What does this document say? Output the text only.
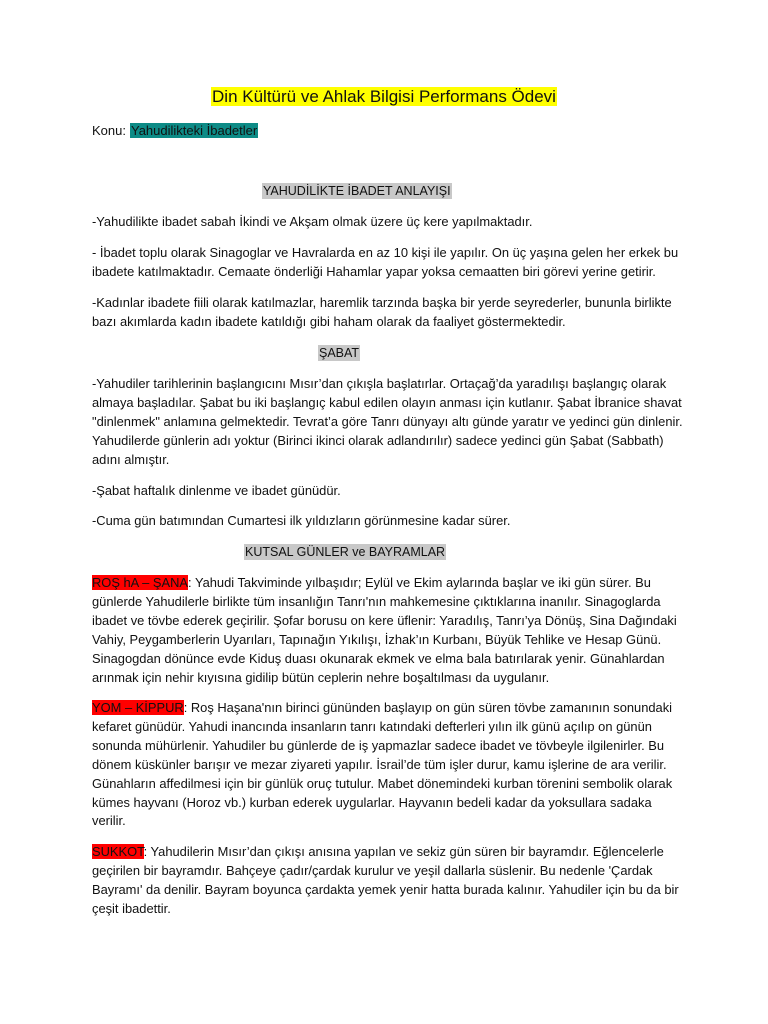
Din Kültürü ve Ahlak Bilgisi Performans Ödevi
Konu: Yahudilikteki İbadetler
YAHUDİLİKTE İBADET ANLAYIŞI

-Yahudilikte ibadet sabah İkindi ve Akşam olmak üzere üç kere yapılmaktadır.

- İbadet toplu olarak Sinagoglar ve Havralarda en az 10 kişi ile yapılır. On üç yaşına gelen her erkek bu ibadete katılmaktadır. Cemaate önderliği Hahamlar yapar yoksa cemaatten biri görevi yerine getirir.

-Kadınlar ibadete fiili olarak katılmazlar, haremlik tarzında başka bir yerde seyrederler, bununla birlikte bazı akımlarda kadın ibadete katıldığı gibi haham olarak da faaliyet göstermektedir.

ŞABAT

-Yahudiler tarihlerinin başlangıcını Mısır’dan çıkışla başlatırlar. Ortaçağ’da yaradılışı başlangıç olarak almaya başladılar. Şabat bu iki başlangıç kabul edilen olayın anması için kutlanır. Şabat İbranice shavat "dinlenmek" anlamına gelmektedir. Tevrat’a göre Tanrı dünyayı altı günde yaratır ve yedinci gün dinlenir. Yahudilerde günlerin adı yoktur (Birinci ikinci olarak adlandırılır) sadece yedinci gün Şabat (Sabbath) adını almıştır.

-Şabat haftalık dinlenme ve ibadet günüdür.

-Cuma gün batımından Cumartesi ilk yıldızların görünmesine kadar sürer.

KUTSAL GÜNLER ve BAYRAMLAR

ROŞ hA – ŞANA: Yahudi Takviminde yılbaşıdır; Eylül ve Ekim aylarında başlar ve iki gün sürer. Bu günlerde Yahudilerle birlikte tüm insanlığın Tanrı'nın mahkemesine çıktıklarına inanılır. Sinagoglarda ibadet ve tövbe ederek geçirilir. Şofar borusu on kere üflenir: Yaradılış, Tanrı’ya Dönüş, Sina Dağındaki Vahiy, Peygamberlerin Uyarıları, Tapınağın Yıkılışı, İzhak’ın Kurbanı, Büyük Tehlike ve Hesap Günü. Sinagogdan dönünce evde Kiduş duası okunarak ekmek ve elma bala batırılarak yenir. Günahlardan arınmak için nehir kıyısına gidilip bütün ceplerin nehre boşaltılması da uygulanır.

YOM – KİPPUR: Roş Haşana'nın birinci gününden başlayıp on gün süren tövbe zamanının sonundaki kefaret günüdür. Yahudi inancında insanların tanrı katındaki defterleri yılın ilk günü açılıp on günün sonunda mühürlenir. Yahudiler bu günlerde de iş yapmazlar sadece ibadet ve tövbeyle ilgilenirler. Bu dönem küskünler barışır ve mezar ziyareti yapılır. İsrail’de tüm işler durur, kamu işlerine de ara verilir. Günahların affedilmesi için bir günlük oruç tutulur. Mabet dönemindeki kurban törenini sembolik olarak kümes hayvanı (Horoz vb.) kurban ederek uygularlar. Hayvanın bedeli kadar da yoksullara sadaka verilir.

SUKKOT: Yahudilerin Mısır’dan çıkışı anısına yapılan ve sekiz gün süren bir bayramdır. Eğlencelerle geçirilen bir bayramdır. Bahçeye çadır/çardak kurulur ve yeşil dallarla süslenir. Bu nedenle 'Çardak Bayramı' da denilir. Bayram boyunca çardakta yemek yenir hatta burada kalınır. Yahudiler için bu da bir çeşit ibadettir.
